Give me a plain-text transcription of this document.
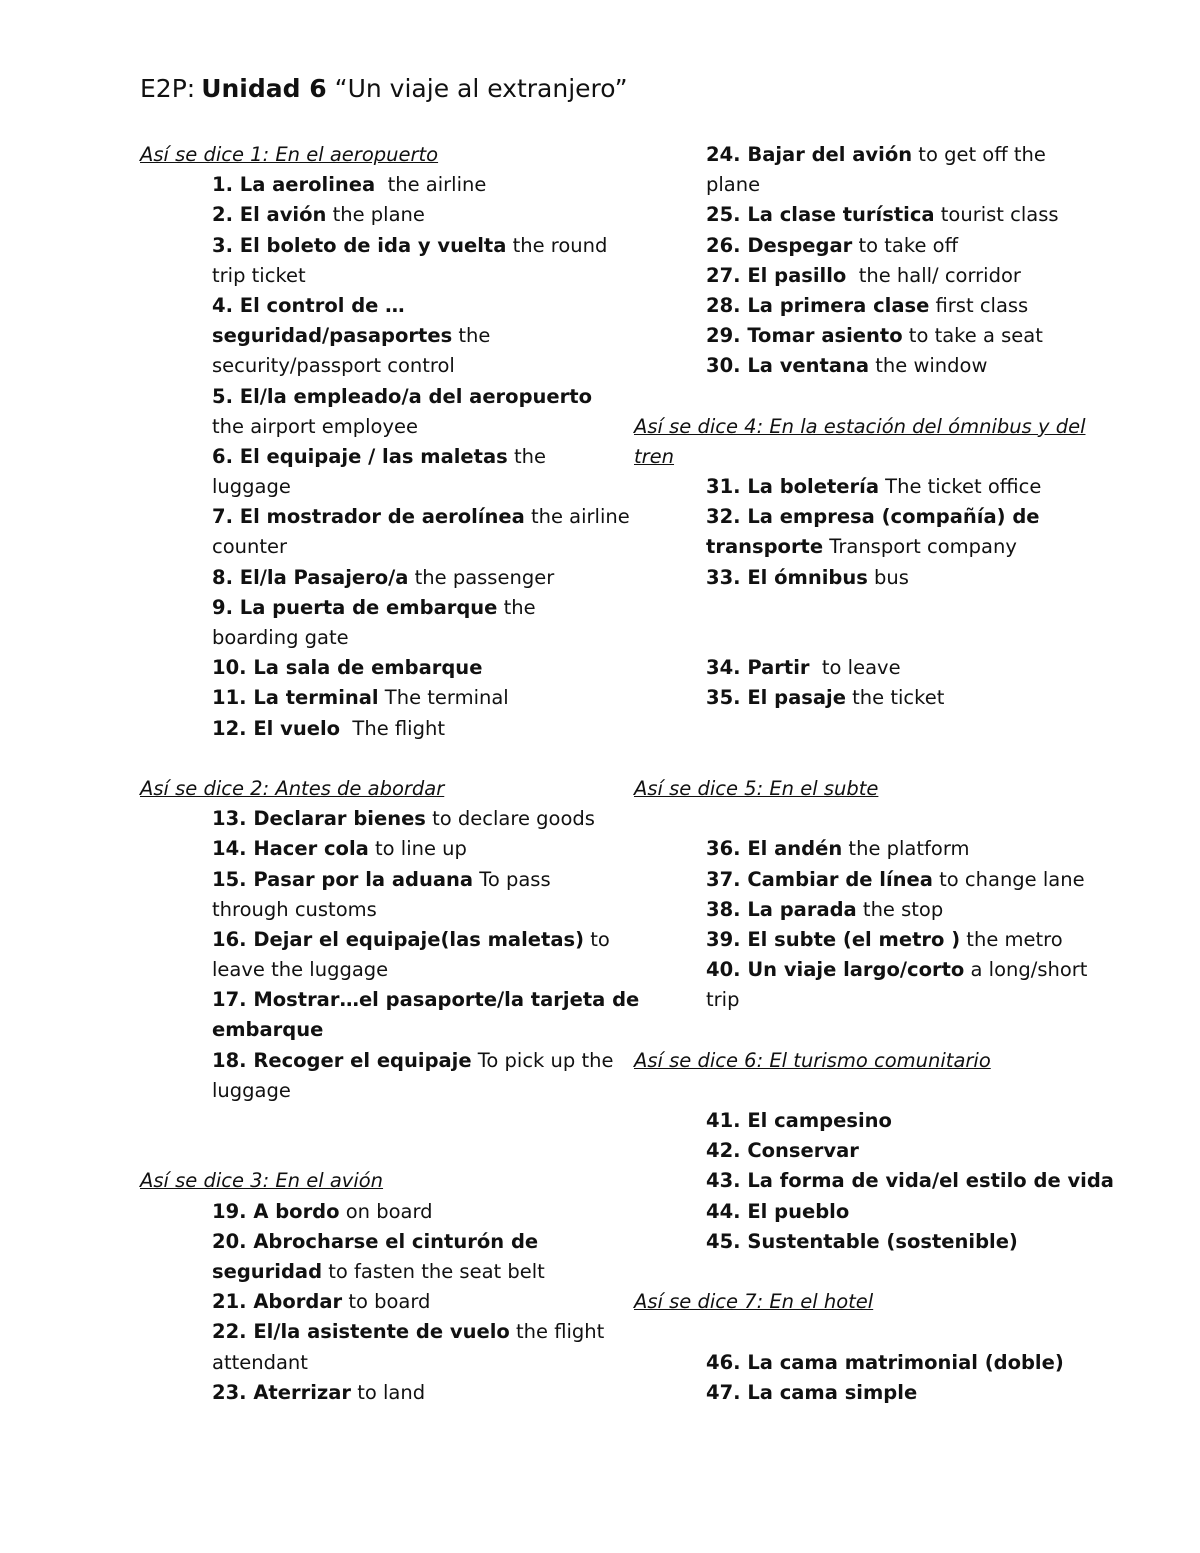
E2P: Unidad 6 “Un viaje al extranjero”
Así se dice 1: En el aeropuerto
1. La aerolinea  the airline
2. El avión the plane
3. El boleto de ida y vuelta the round
trip ticket
4. El control de …
seguridad/pasaportes the
security/passport control
5. El/la empleado/a del aeropuerto
the airport employee
6. El equipaje / las maletas the
luggage
7. El mostrador de aerolínea the airline
counter
8. El/la Pasajero/a the passenger
9. La puerta de embarque the
boarding gate
10. La sala de embarque
11. La terminal The terminal
12. El vuelo  The flight
Así se dice 2: Antes de abordar
13. Declarar bienes to declare goods
14. Hacer cola to line up
15. Pasar por la aduana To pass
through customs
16. Dejar el equipaje(las maletas) to
leave the luggage
17. Mostrar…el pasaporte/la tarjeta de
embarque
18. Recoger el equipaje To pick up the
luggage
Así se dice 3: En el avión
19. A bordo on board
20. Abrocharse el cinturón de
seguridad to fasten the seat belt
21. Abordar to board
22. El/la asistente de vuelo the flight
attendant
23. Aterrizar to land
24. Bajar del avión to get off the
plane
25. La clase turística tourist class
26. Despegar to take off
27. El pasillo  the hall/ corridor
28. La primera clase first class
29. Tomar asiento to take a seat
30. La ventana the window
Así se dice 4: En la estación del ómnibus y del
tren
31. La boletería The ticket office
32. La empresa (compañía) de
transporte Transport company
33. El ómnibus bus
34. Partir  to leave
35. El pasaje the ticket
Así se dice 5: En el subte
36. El andén the platform
37. Cambiar de línea to change lane
38. La parada the stop
39. El subte (el metro ) the metro
40. Un viaje largo/corto a long/short
trip
Así se dice 6: El turismo comunitario
41. El campesino
42. Conservar
43. La forma de vida/el estilo de vida
44. El pueblo
45. Sustentable (sostenible)
Así se dice 7: En el hotel
46. La cama matrimonial (doble)
47. La cama simple
